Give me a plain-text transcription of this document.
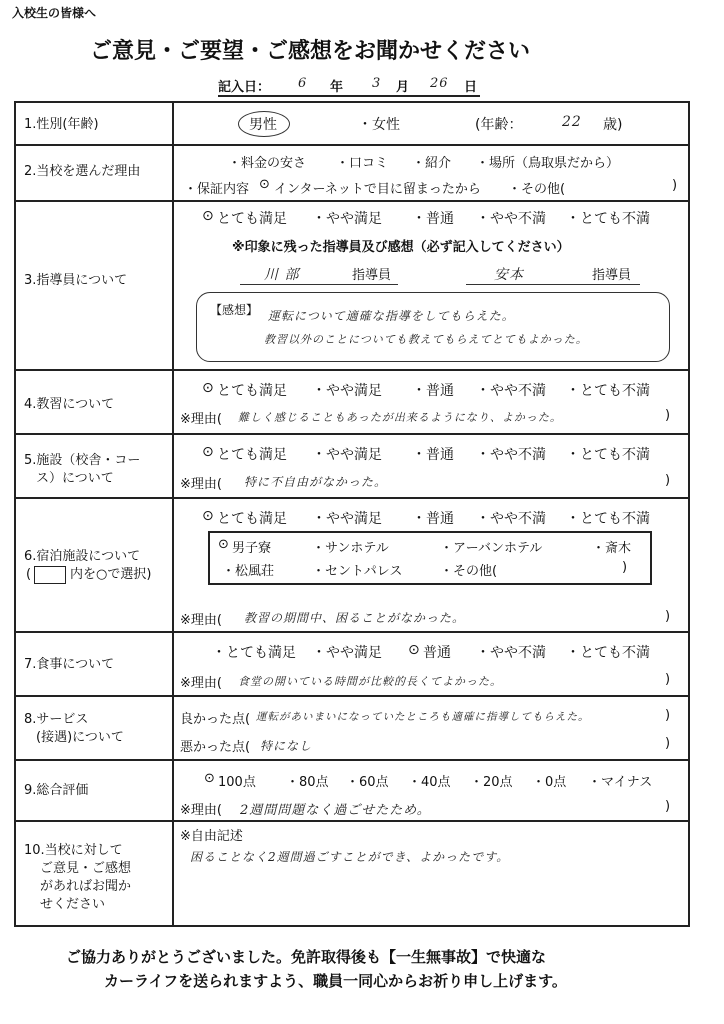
入校生の皆様へ
ご意見・ご要望・ご感想をお聞かせください
記入日： 6 年 3 月 26 日
1.性別(年齢)	男性	・女性	(年齢：	22 歳)
2.当校を選んだ理由
・料金の安さ ・口コミ ・紹介 ・場所（鳥取県だから）
・保証内容 ⊙ インターネットで目に留まったから ・その他(	)
3.指導員について
⊙ とても満足 ・やや満足 ・普通 ・やや不満 ・とても不満
※印象に残った指導員及び感想（必ず記入してください）
川 部	指導員	安本	指導員
【感想】 運転について適確な指導をしてもらえた。
教習以外のことについても教えてもらえてとてもよかった。
4.教習について
⊙ とても満足 ・やや満足 ・普通 ・やや不満 ・とても不満
※理由( 難しく感じることもあったが出来るようになり、よかった。	)
5.施設（校舎・コー
ス）について
⊙ とても満足 ・やや満足 ・普通 ・やや不満 ・とても不満
※理由( 特に不自由がなかった。	)
6.宿泊施設について
(	内を○で選択)
⊙ とても満足 ・やや満足 ・普通 ・やや不満 ・とても不満
⊙ 男子寮	・サンホテル	・アーバンホテル	・斎木
・松風荘	・セントパレス	・その他(	)
※理由( 教習の期間中、困ることがなかった。	)
7.食事について
・とても満足 ・やや満足 ⊙ 普通 ・やや不満 ・とても不満
※理由( 食堂の開いている時間が比較的長くてよかった。	)
8.サービス
(接遇)について
良かった点( 運転があいまいになっていたところも適確に指導してもらえた。	)
悪かった点( 特になし	)
9.総合評価
⊙ 100点 ・80点 ・60点 ・40点 ・20点 ・0点 ・マイナス
※理由( 2週間問題なく過ごせたため。	)
10.当校に対して
ご意見・ご感想
があればお聞か
せください
※自由記述
困ることなく2週間過ごすことができ、よかったです。
ご協力ありがとうございました。免許取得後も【一生無事故】で快適な
カーライフを送られますよう、職員一同心からお祈り申し上げます。
